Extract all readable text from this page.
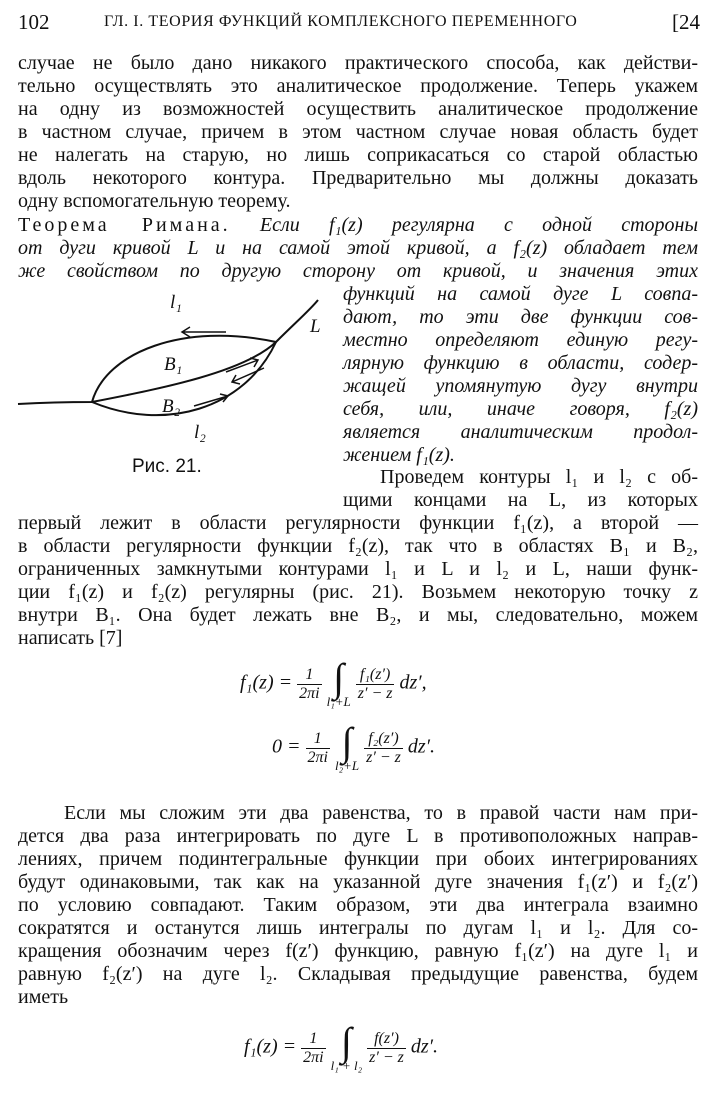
102	ГЛ. I. ТЕОРИЯ ФУНКЦИЙ КОМПЛЕКСНОГО ПЕРЕМЕННОГО	[24
случае не было дано никакого практического способа, как действи-
тельно осуществлять это аналитическое продолжение. Теперь укажем
на одну из возможностей осуществить аналитическое продолжение
в частном случае, причем в этом частном случае новая область будет
не налегать на старую, но лишь соприкасаться со старой областью
вдоль некоторого контура. Предварительно мы должны доказать
одну вспомогательную теорему.
Теорема Римана. Если f₁(z) регулярна с одной стороны
от дуги кривой L и на самой этой кривой, а f₂(z) обладает тем
же свойством по другую сторону от кривой, и значения этих
функций на самой дуге L совпа-
дают, то эти две функции сов-
местно определяют единую регу-
лярную функцию в области, содер-
жащей упомянутую дугу внутри
себя, или, иначе говоря, f₂(z)
является аналитическим продол-
жением f₁(z).
l₁
L
B₁
B₂
l₂
Рис. 21.	Проведем контуры l₁ и l₂ с об-
щими концами на L, из которых
первый лежит в области регулярности функции f₁(z), а второй —
в области регулярности функции f₂(z), так что в областях B₁ и B₂,
ограниченных замкнутыми контурами l₁ и L и l₂ и L, наши функ-
ции f₁(z) и f₂(z) регулярны (рис. 21). Возьмем некоторую точку z
внутри B₁. Она будет лежать вне B₂, и мы, следовательно, можем
написать [7]
$f_1(z) = \frac{1}{2\pi i}$ ∫
l₁+L
$\frac{\text{f₁(z′)}}{z' - z} dz'$,
$0 = \frac{1}{2\pi i}$ ∫
l₂+L
$\frac{\text{f₂(z′)}}{z' - z} dz'$.
Если мы сложим эти два равенства, то в правой части нам при-
дется два раза интегрировать по дуге L в противоположных направ-
лениях, причем подинтегральные функции при обоих интегрированиях
будут одинаковыми, так как на указанной дуге значения f₁(z′) и f₂(z′)
по условию совпадают. Таким образом, эти два интеграла взаимно
сократятся и останутся лишь интегралы по дугам l₁ и l₂. Для со-
кращения обозначим через f(z′) функцию, равную f₁(z′) на дуге l₁ и
равную f₂(z′) на дуге l₂. Складывая предыдущие равенства, будем
иметь
$f_1(z) = \frac{1}{2\pi i}$ ∫
l₁ + l₂
$\frac{f(z')}{z' - z} dz'$.
